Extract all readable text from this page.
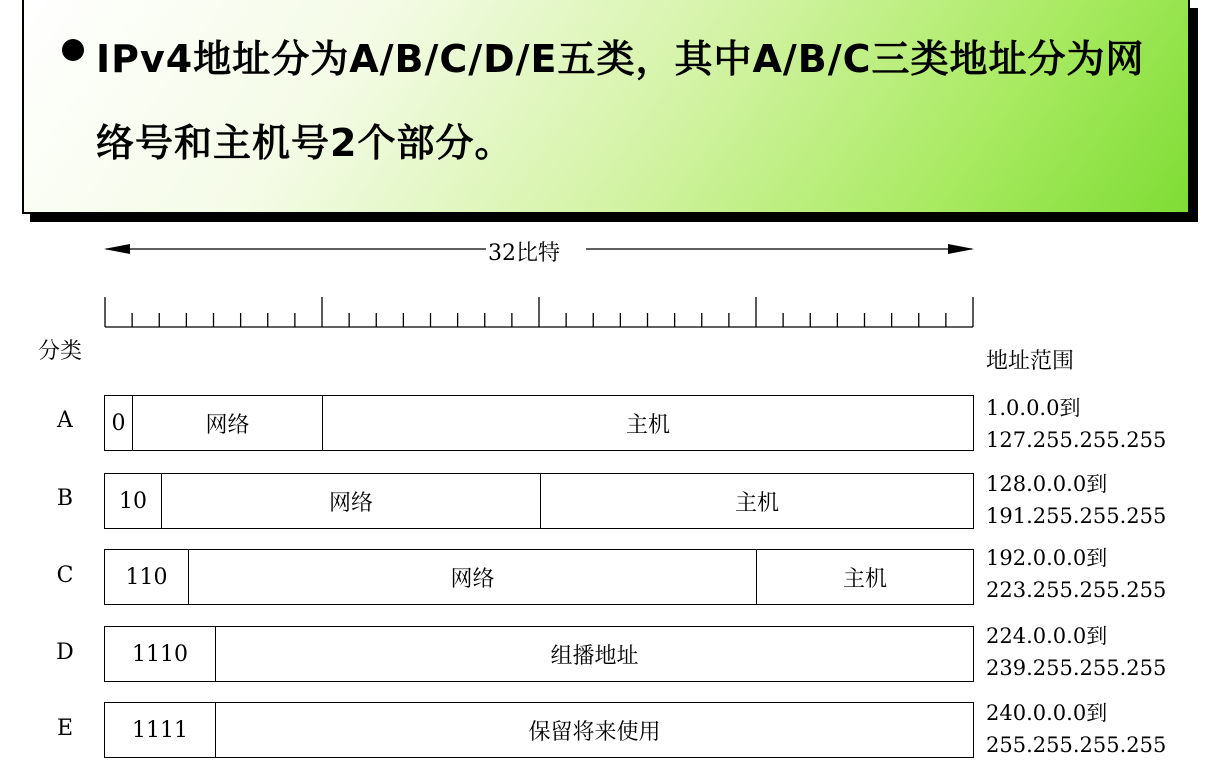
IPv4地址分为A/B/C/D/E五类，其中A/B/C三类地址分为网
络号和主机号2个部分。
32比特
分类	地址范围
A	0	网络	主机
1.0.0.0到
127.255.255.255
B	10	网络	主机
128.0.0.0到
191.255.255.255
C	110	网络	主机
192.0.0.0到
223.255.255.255
D	1110	组播地址
224.0.0.0到
239.255.255.255
E	1111	保留将来使用
240.0.0.0到
255.255.255.255
